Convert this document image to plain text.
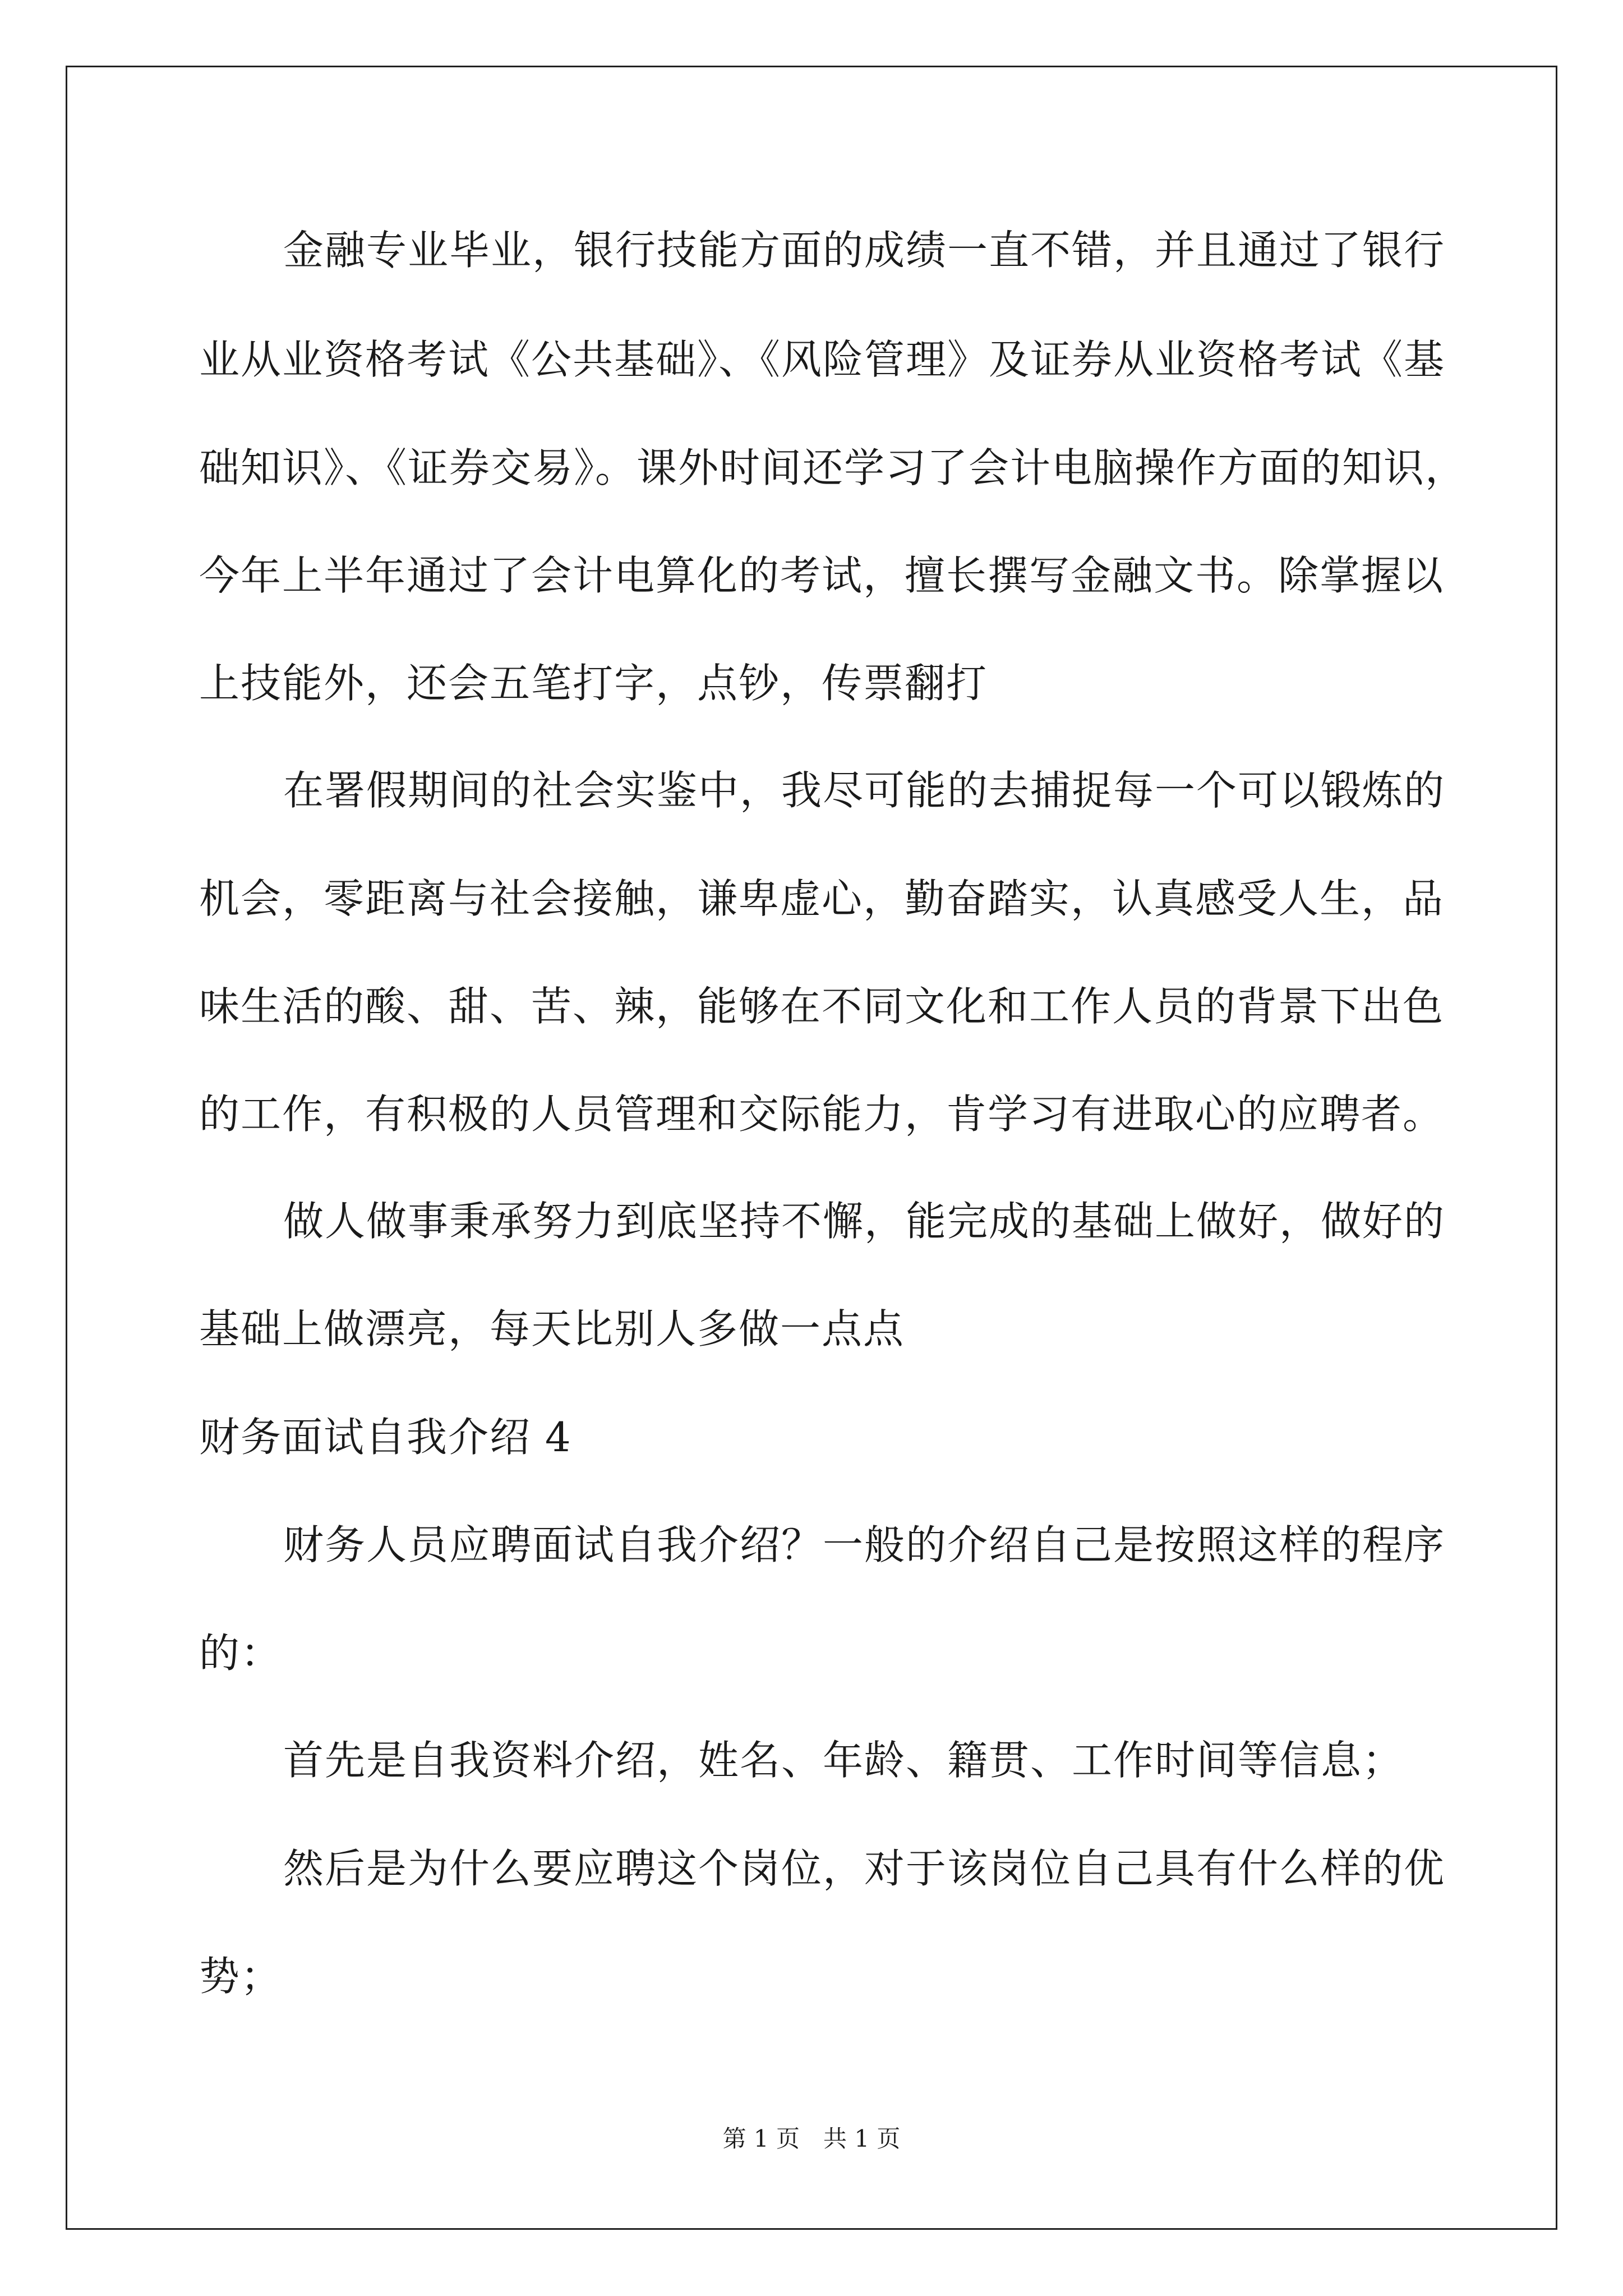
金融专业毕业，银行技能方面的成绩一直不错，并且通过了银行
业从业资格考试《公共基础》、《风险管理》及证券从业资格考试《基
础知识》、《证券交易》。课外时间还学习了会计电脑操作方面的知识，
今年上半年通过了会计电算化的考试，擅长撰写金融文书。除掌握以
上技能外，还会五笔打字，点钞，传票翻打
在署假期间的社会实鉴中，我尽可能的去捕捉每一个可以锻炼的
机会，零距离与社会接触，谦卑虚心，勤奋踏实，认真感受人生，品
味生活的酸、甜、苦、辣，能够在不同文化和工作人员的背景下出色
的工作，有积极的人员管理和交际能力，肯学习有进取心的应聘者。
做人做事秉承努力到底坚持不懈，能完成的基础上做好，做好的
基础上做漂亮，每天比别人多做一点点
财务面试自我介绍 4
财务人员应聘面试自我介绍？一般的介绍自己是按照这样的程序
的：
首先是自我资料介绍，姓名、年龄、籍贯、工作时间等信息；
然后是为什么要应聘这个岗位，对于该岗位自己具有什么样的优
势；
第 1 页　共 1 页
